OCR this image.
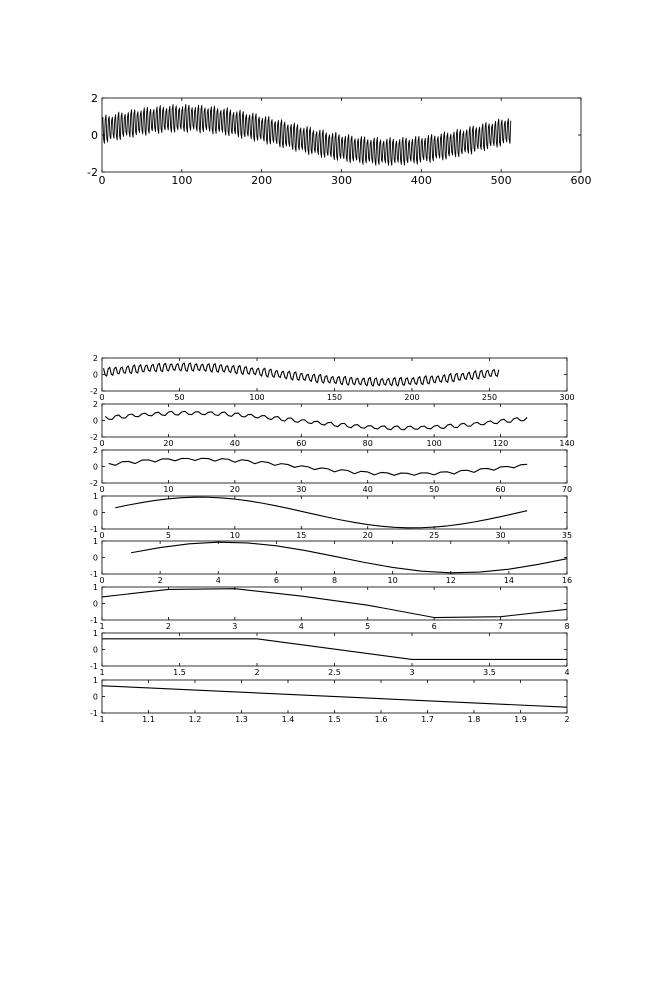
0	100	200	300	400	500	600
-2
0
2
0	50	100	150	200	250	300
-2
0
2
0	20	40	60	80	100	120	140
-2
0
2
0	10	20	30	40	50	60	70
-2
0
2
0	5	10	15	20	25	30	35
-1
0
1
0	2	4	6	8	10	12	14	16
-1
0
1
1	2	3	4	5	6	7	8
-1
0
1
1	1.5	2	2.5	3	3.5	4
-1
0
1
1	1.1	1.2	1.3	1.4	1.5	1.6	1.7	1.8	1.9	2
-1
0
1
